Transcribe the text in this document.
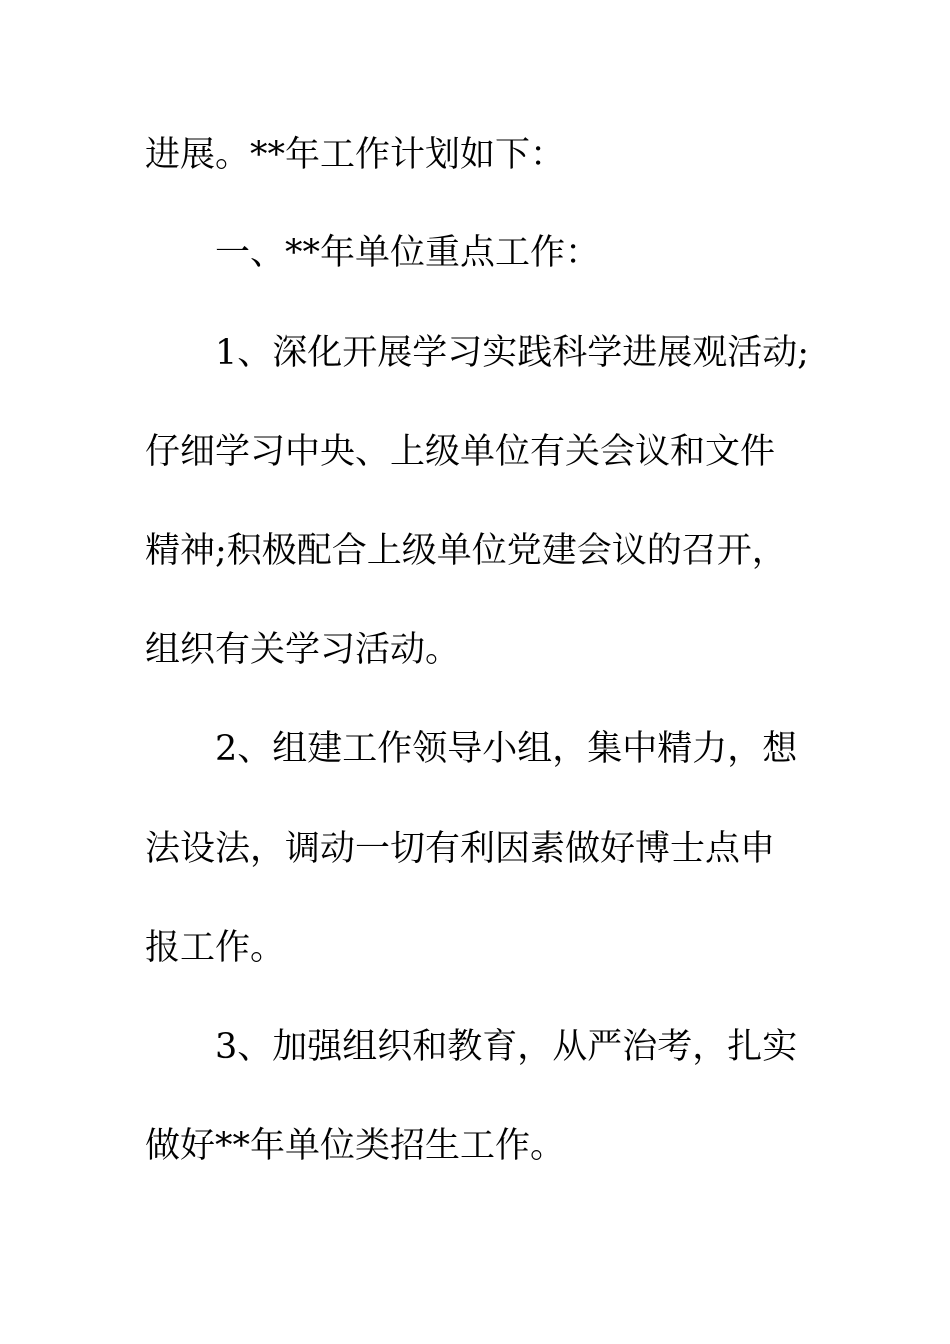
进展。**年工作计划如下：
一、**年单位重点工作：
1、深化开展学习实践科学进展观活动;
仔细学习中央、上级单位有关会议和文件
精神;积极配合上级单位党建会议的召开，
组织有关学习活动。
2、组建工作领导小组，集中精力，想
法设法，调动一切有利因素做好博士点申
报工作。
3、加强组织和教育，从严治考，扎实
做好**年单位类招生工作。
